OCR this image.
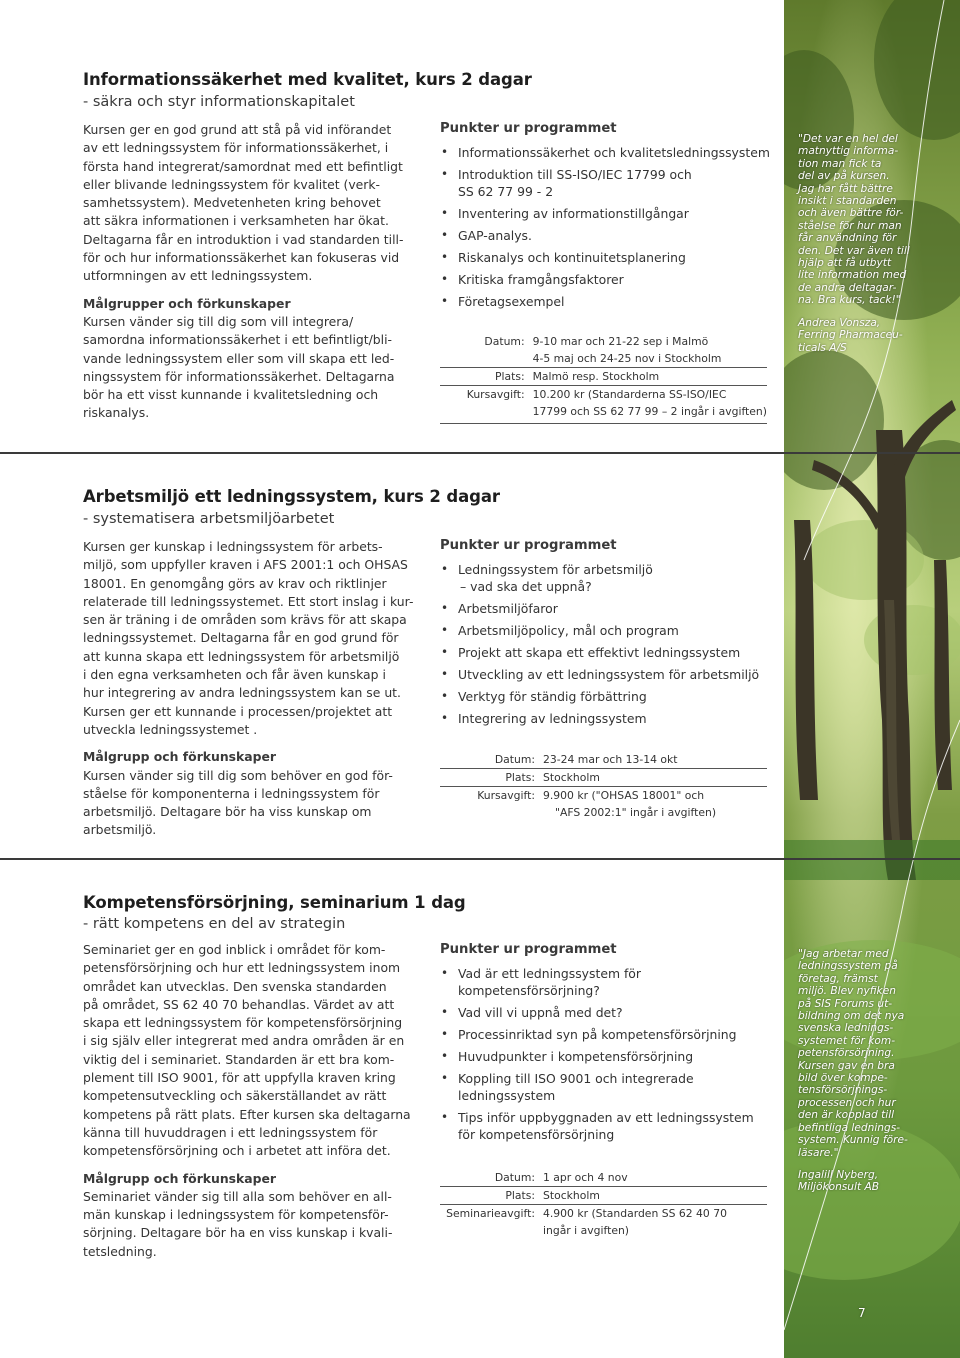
Informationssäkerhet med kvalitet, kurs 2 dagar
- säkra och styr informationskapitalet

Kursen ger en god grund att stå på vid införandet

av ett ledningssystem för informationssäkerhet, i

första hand integrerat/samordnat med ett befintligt

eller blivande ledningssystem för kvalitet (verk-

samhetssystem). Medvetenheten kring behovet

att säkra informationen i verksamheten har ökat.

Deltagarna får en introduktion i vad standarden till-

för och hur informationssäkerhet kan fokuseras vid

utformningen av ett ledningssystem.

Målgrupper och förkunskaper

Kursen vänder sig till dig som vill integrera/

samordna informationssäkerhet i ett befintligt/bli-

vande ledningssystem eller som vill skapa ett led-

ningssystem för informationssäkerhet. Deltagarna

bör ha ett visst kunnande i kvalitetsledning och

riskanalys.

Punkter ur programmet
• Informationssäkerhet och kvalitetsledningssystem
• Introduktion till SS-ISO/IEC 17799 och
SS 62 77 99 - 2
• Inventering av informationstillgångar
• GAP-analys.
• Riskanalys och kontinuitetsplanering
• Kritiska framgångsfaktorer
• Företagsexempel
Datum:	9-10 mar och 21-22 sep i Malmö
4-5 maj och 24-25 nov i Stockholm

Plats:	Malmö resp. Stockholm

Kursavgift:	10.200 kr (Standarderna SS-ISO/IEC
17799 och SS 62 77 99 – 2 ingår i avgiften)

"Det var en hel del

matnyttig informa-

tion man fick ta

del av på kursen.

Jag har fått bättre

insikt i standarden

och även bättre för-

ståelse för hur man

får användning för

den. Det var även till

hjälp att få utbytt

lite information med

de andra deltagar-

na. Bra kurs, tack!"

Andrea Vonsza,

Ferring Pharmaceu-

ticals A/S

Arbetsmiljö ett ledningssystem, kurs 2 dagar
- systematisera arbetsmiljöarbetet

Kursen ger kunskap i ledningssystem för arbets-

miljö, som uppfyller kraven i AFS 2001:1 och OHSAS

18001. En genomgång görs av krav och riktlinjer

relaterade till ledningssystemet. Ett stort inslag i kur-

sen är träning i de områden som krävs för att skapa

ledningssystemet. Deltagarna får en god grund för

att kunna skapa ett ledningssystem för arbetsmiljö

i den egna verksamheten och får även kunskap i

hur integrering av andra ledningssystem kan se ut.

Kursen ger ett kunnande i processen/projektet att

utveckla ledningssystemet .

Målgrupp och förkunskaper

Kursen vänder sig till dig som behöver en god för-

ståelse för komponenterna i ledningssystem för

arbetsmiljö. Deltagare bör ha viss kunskap om

arbetsmiljö.

Punkter ur programmet
• Ledningssystem för arbetsmiljö
– vad ska det uppnå?
• Arbetsmiljöfaror
• Arbetsmiljöpolicy, mål och program
• Projekt att skapa ett effektivt ledningssystem
• Utveckling av ett ledningssystem för arbetsmiljö
• Verktyg för ständig förbättring
• Integrering av ledningssystem
Datum:	23-24 mar och 13-14 okt

Plats:	Stockholm

Kursavgift:	9.900 kr ("OHSAS 18001" och
"AFS 2002:1" ingår i avgiften)
Kompetensförsörjning, seminarium 1 dag
- rätt kompetens en del av strategin

Seminariet ger en god inblick i området för kom-

petensförsörjning och hur ett ledningssystem inom

området kan utvecklas. Den svenska standarden

på området, SS 62 40 70 behandlas. Värdet av att

skapa ett ledningssystem för kompetensförsörjning

i sig själv eller integrerat med andra områden är en

viktig del i seminariet. Standarden är ett bra kom-

plement till ISO 9001, för att uppfylla kraven kring

kompetensutveckling och säkerställandet av rätt

kompetens på rätt plats. Efter kursen ska deltagarna

känna till huvuddragen i ett ledningssystem för

kompetensförsörjning och i arbetet att införa det.

Målgrupp och förkunskaper

Seminariet vänder sig till alla som behöver en all-

män kunskap i ledningssystem för kompetensför-

sörjning. Deltagare bör ha en viss kunskap i kvali-

tetsledning.

Punkter ur programmet
• Vad är ett ledningssystem för
kompetensförsörjning?
• Vad vill vi uppnå med det?
• Processinriktad syn på kompetensförsörjning
• Huvudpunkter i kompetensförsörjning
• Koppling till ISO 9001 och integrerade
ledningssystem
• Tips inför uppbyggnaden av ett ledningssystem
för kompetensförsörjning
Datum:	1 apr och 4 nov

Plats:	Stockholm

Seminarieavgift:	4.900 kr (Standarden SS 62 40 70
ingår i avgiften)

"Jag arbetar med

ledningssystem på

företag, främst

miljö. Blev nyfiken

på SIS Forums ut-

bildning om det nya

svenska lednings-

systemet för kom-

petensförsörjning.

Kursen gav en bra

bild över kompe-

tensförsörjnings-

processen och hur

den är kopplad till

befintliga lednings-

system. Kunnig före-

läsare."

Ingalill Nyberg,

Miljökonsult AB

7
